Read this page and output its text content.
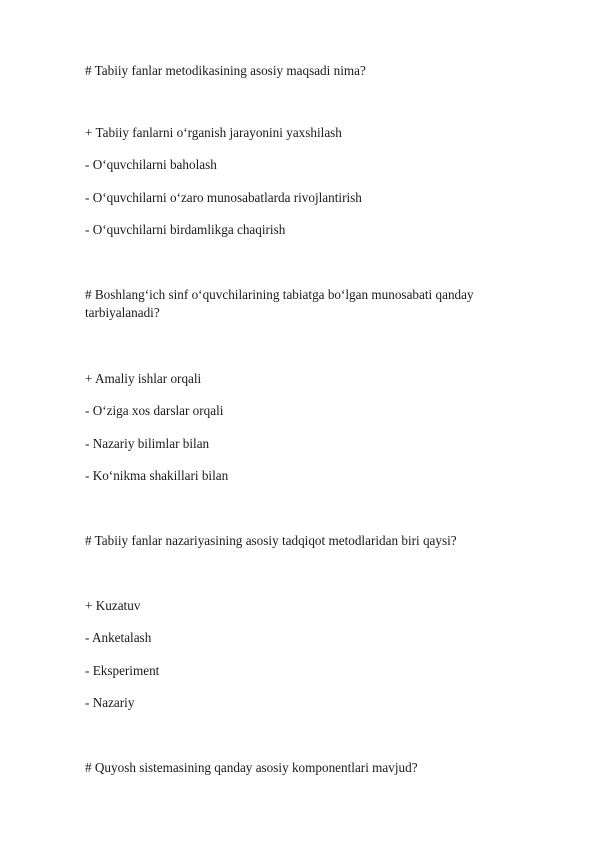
# Tabiiy fanlar metodikasining asosiy maqsadi nima?
+ Tabiiy fanlarni o‘rganish jarayonini yaxshilash
- O‘quvchilarni baholash
- O‘quvchilarni o‘zaro munosabatlarda rivojlantirish
- O‘quvchilarni birdamlikga chaqirish
# Boshlang‘ich sinf o‘quvchilarining tabiatga bo‘lgan munosabati qanday tarbiyalanadi?
+ Amaliy ishlar orqali
- O‘ziga xos darslar orqali
- Nazariy bilimlar bilan
- Ko‘nikma shakillari bilan
# Tabiiy fanlar nazariyasining asosiy tadqiqot metodlaridan biri qaysi?
+ Kuzatuv
- Anketalash
- Eksperiment
- Nazariy
# Quyosh sistemasining qanday asosiy komponentlari mavjud?
